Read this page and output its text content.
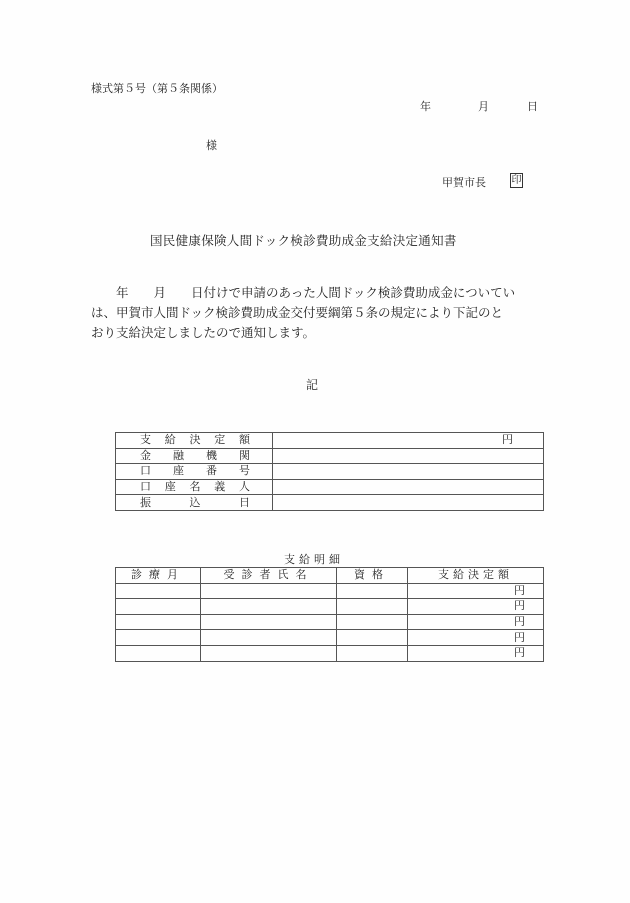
様式第５号（第５条関係）
年	月	日
様
甲賀市長	印
国民健康保険人間ドック検診費助成金支給決定通知書
　　年　　月　　日付けで申請のあった人間ドック検診費助成金についてい
は、甲賀市人間ドック検診費助成金交付要綱第５条の規定により下記のと
おり支給決定しましたので通知します。
記
支 給 決 定 額	円

金 融 機 関	

口 座 番 号	

口 座 名 義 人	

振 込 日	

支給明細
診療月	受診者氏名	資格	支給決定額
			円
			円
			円
			円
			円
